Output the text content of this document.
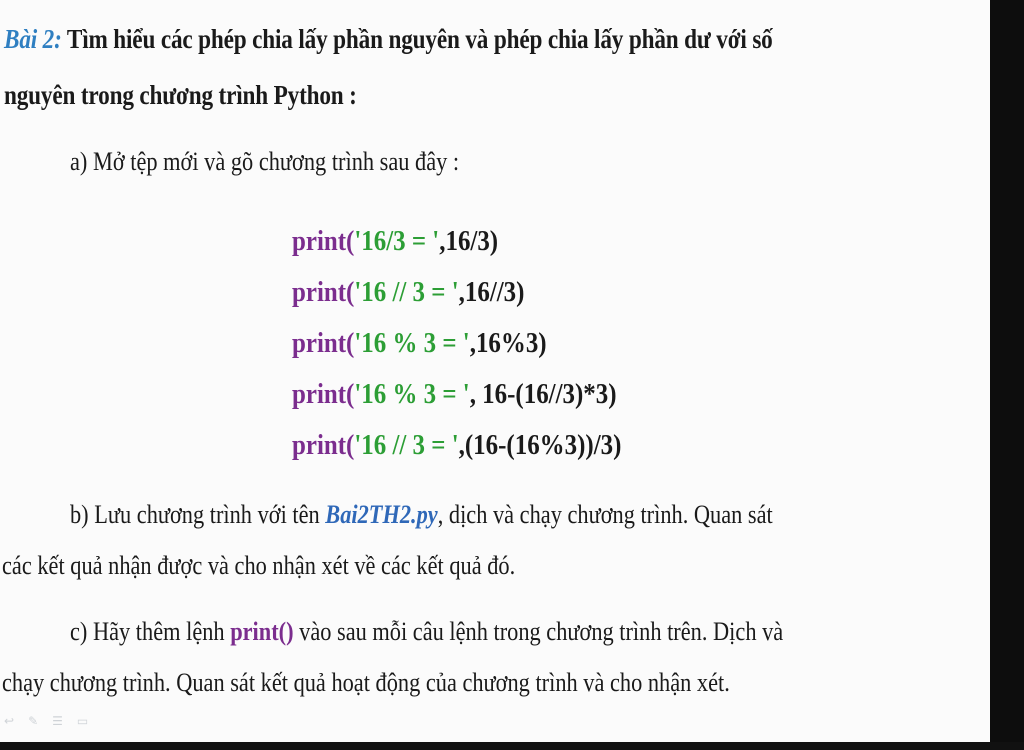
Bài 2: Tìm hiểu các phép chia lấy phần nguyên và phép chia lấy phần dư với số
nguyên trong chương trình Python :
a) Mở tệp mới và gõ chương trình sau đây :
print('16/3 = ',16/3)
print('16 // 3 = ',16//3)
print('16 % 3 = ',16%3)
print('16 % 3 = ', 16-(16//3)*3)
print('16 // 3 = ',(16-(16%3))/3)
b) Lưu chương trình với tên Bai2TH2.py, dịch và chạy chương trình. Quan sát
các kết quả nhận được và cho nhận xét về các kết quả đó.
c) Hãy thêm lệnh print() vào sau mỗi câu lệnh trong chương trình trên. Dịch và
chạy chương trình. Quan sát kết quả hoạt động của chương trình và cho nhận xét.
↩ ✎ ☰ ▭
